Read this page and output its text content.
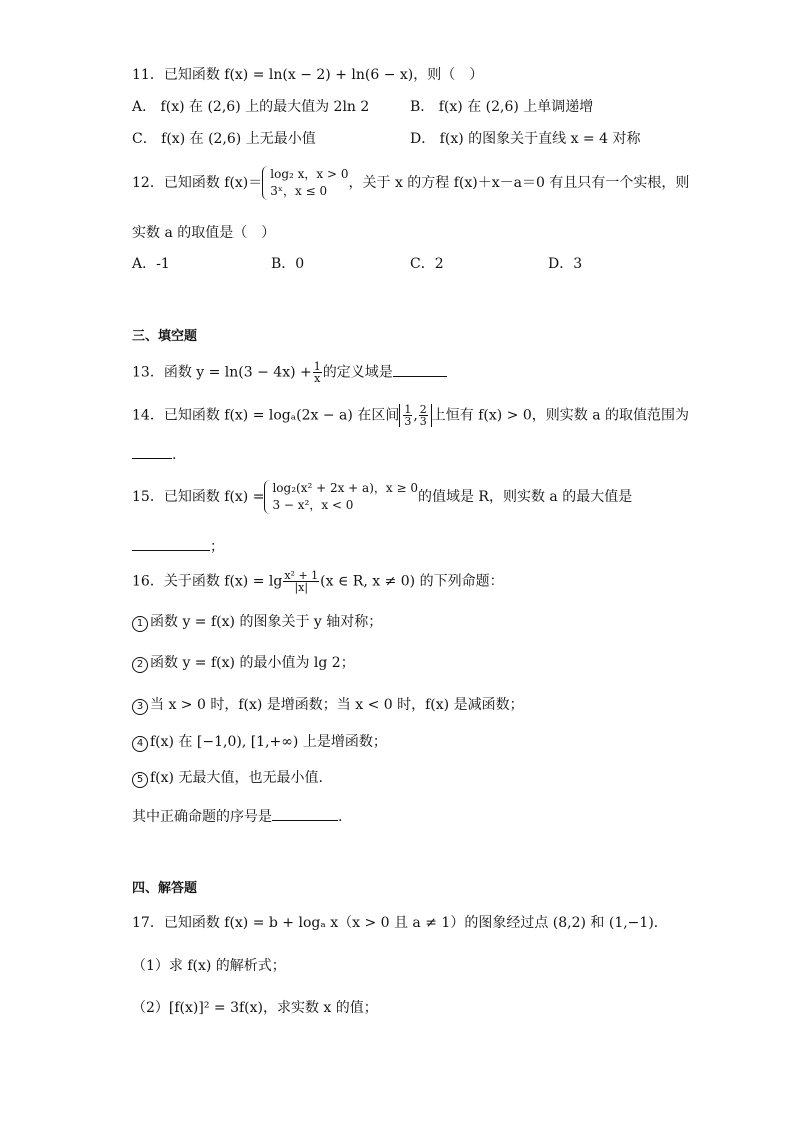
11．已知函数 f(x) = ln(x − 2) + ln(6 − x)，则（　）
A． f(x) 在 (2,6) 上的最大值为 2ln 2	B． f(x) 在 (2,6) 上单调递增
C． f(x) 在 (2,6) 上无最小值	D． f(x) 的图象关于直线 x = 4 对称
12．已知函数 f(x)＝
log₂ x，x > 0
3ˣ，x ≤ 0	，关于 x 的方程 f(x)＋x－a＝0 有且只有一个实根，则
实数 a 的取值是（　）
A．-1	B．0	C．2	D．3
三、填空题
13．函数 $y = \ln(3 - 4x) + \frac{1}{x}$ 的定义域是
14．已知函数 f(x) = logₐ(2x − a) 在区间 $\frac{1}{3}$ , $\frac{2}{3}$ 上恒有 f(x) > 0，则实数 a 的取值范围为
.
15．已知函数 f(x) =
log₂(x² + 2x + a)，x ≥ 0
3 − x²，x < 0	的值域是 R，则实数 a 的最大值是
；
16．关于函数 $f(x) = \lg \frac{\text{x² + 1}}{|x|} (x$ ∈ R, x ≠ 0) 的下列命题：
1 函数 y = f(x) 的图象关于 y 轴对称；
2 函数 y = f(x) 的最小值为 lg 2；
3 当 x > 0 时，f(x) 是增函数；当 x < 0 时，f(x) 是减函数；
4 f(x) 在 [−1,0), [1,+∞) 上是增函数；
5 f(x) 无最大值，也无最小值.
其中正确命题的序号是	.
四、解答题
17．已知函数 f(x) = b + logₐ x（x > 0 且 a ≠ 1）的图象经过点 (8,2) 和 (1,−1)．
（1）求 f(x) 的解析式；
（2）[f(x)]² = 3f(x)，求实数 x 的值；
